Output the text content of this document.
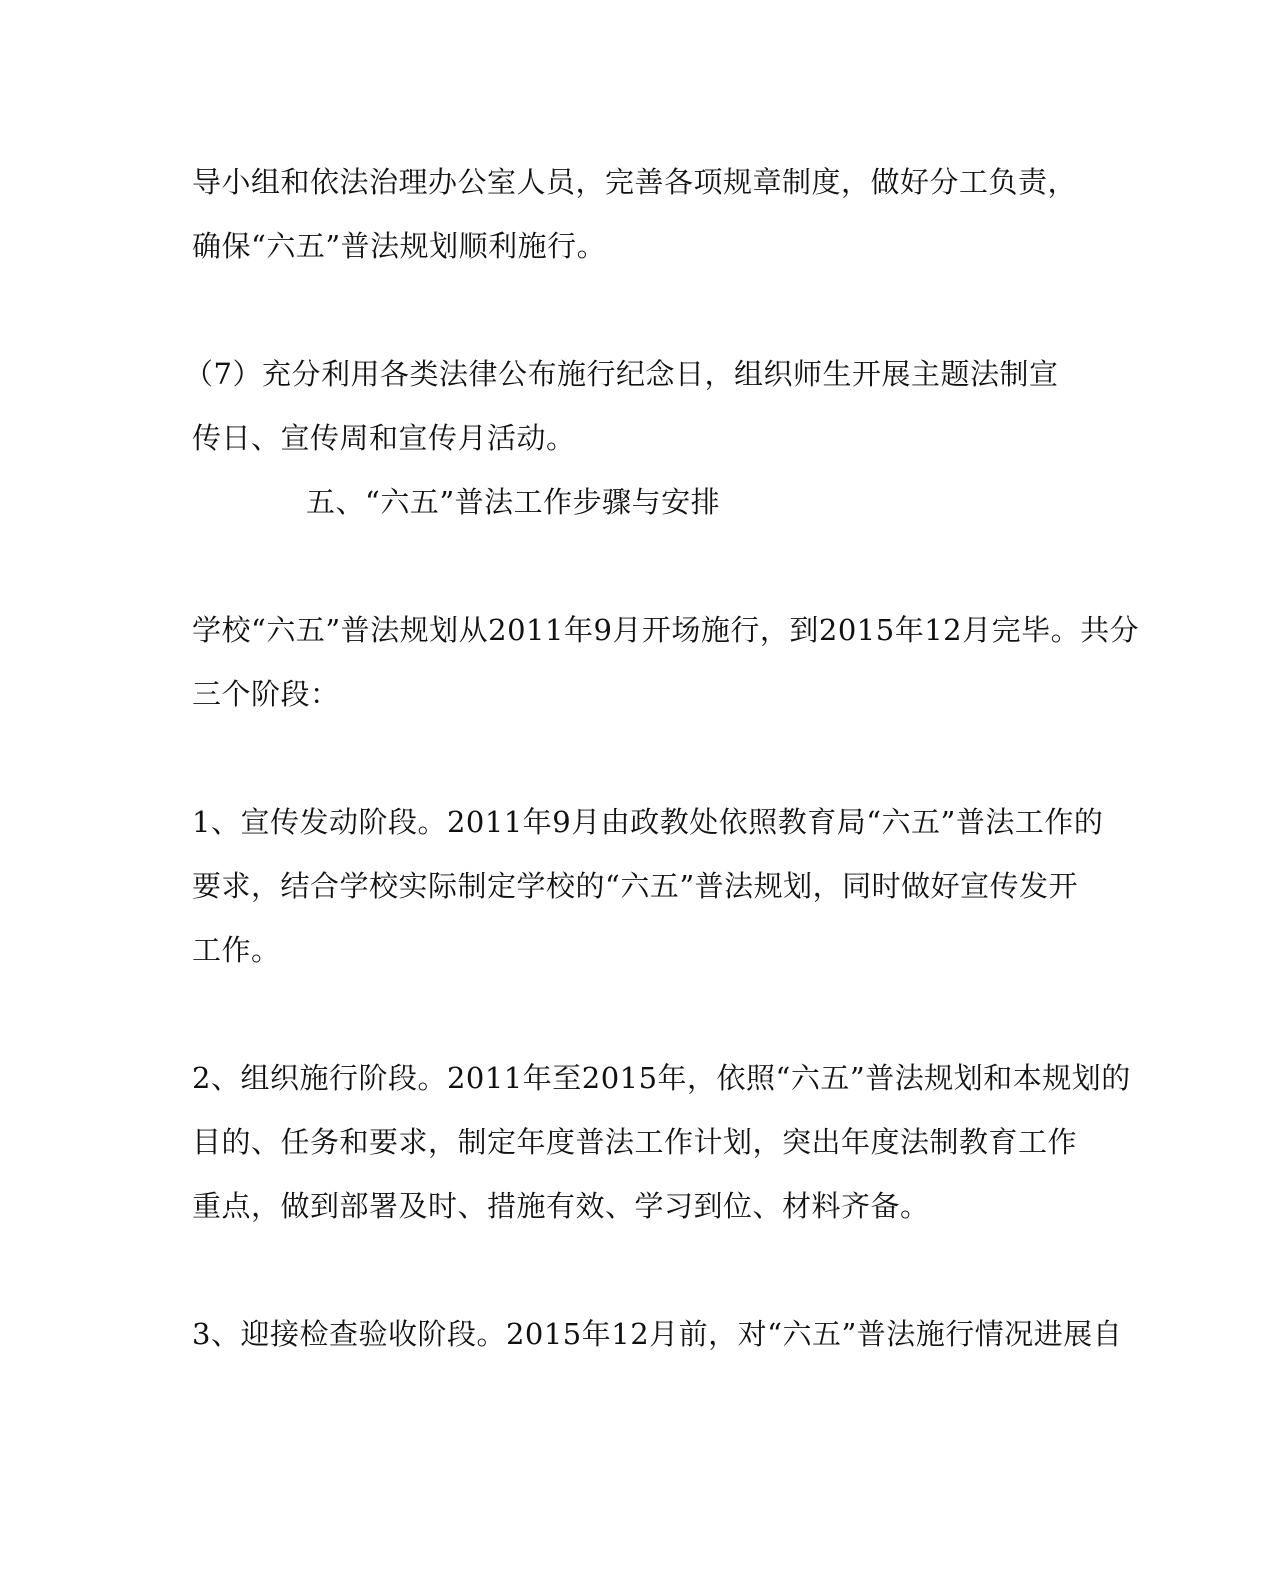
导小组和依法治理办公室人员，完善各项规章制度，做好分工负责，
确保“六五”普法规划顺利施行。
（7）充分利用各类法律公布施行纪念日，组织师生开展主题法制宣
传日、宣传周和宣传月活动。
五、“六五”普法工作步骤与安排
学校“六五”普法规划从2011年9月开场施行，到2015年12月完毕。共分
三个阶段：
1、宣传发动阶段。2011年9月由政教处依照教育局“六五”普法工作的
要求，结合学校实际制定学校的“六五”普法规划，同时做好宣传发开
工作。
2、组织施行阶段。2011年至2015年，依照“六五”普法规划和本规划的
目的、任务和要求，制定年度普法工作计划，突出年度法制教育工作
重点，做到部署及时、措施有效、学习到位、材料齐备。
3、迎接检查验收阶段。2015年12月前，对“六五”普法施行情况进展自
